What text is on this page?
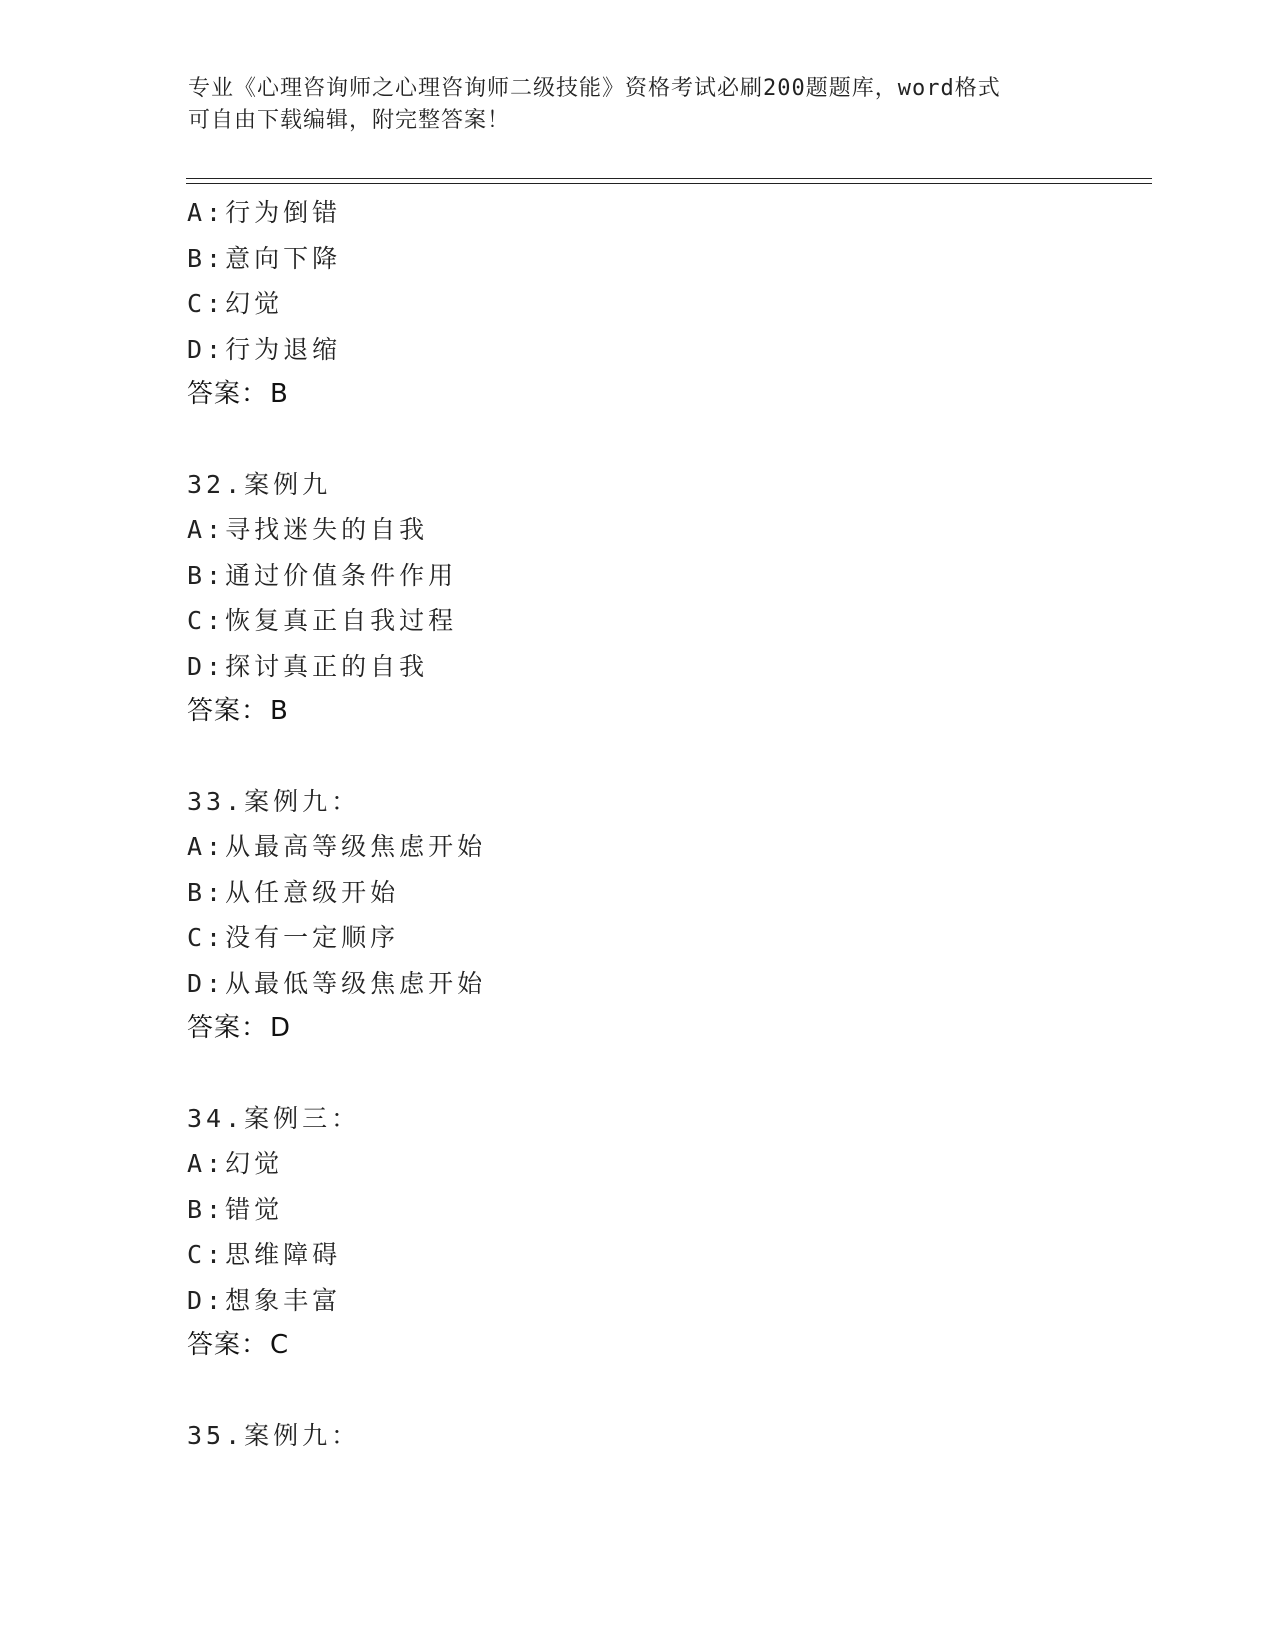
专业《心理咨询师之心理咨询师二级技能》资格考试必刷200题题库，word格式
可自由下载编辑，附完整答案！
A:行为倒错
B:意向下降
C:幻觉
D:行为退缩
答案：B
32.案例九
A:寻找迷失的自我
B:通过价值条件作用
C:恢复真正自我过程
D:探讨真正的自我
答案：B
33.案例九：
A:从最高等级焦虑开始
B:从任意级开始
C:没有一定顺序
D:从最低等级焦虑开始
答案：D
34.案例三：
A:幻觉
B:错觉
C:思维障碍
D:想象丰富
答案：C
35.案例九：
